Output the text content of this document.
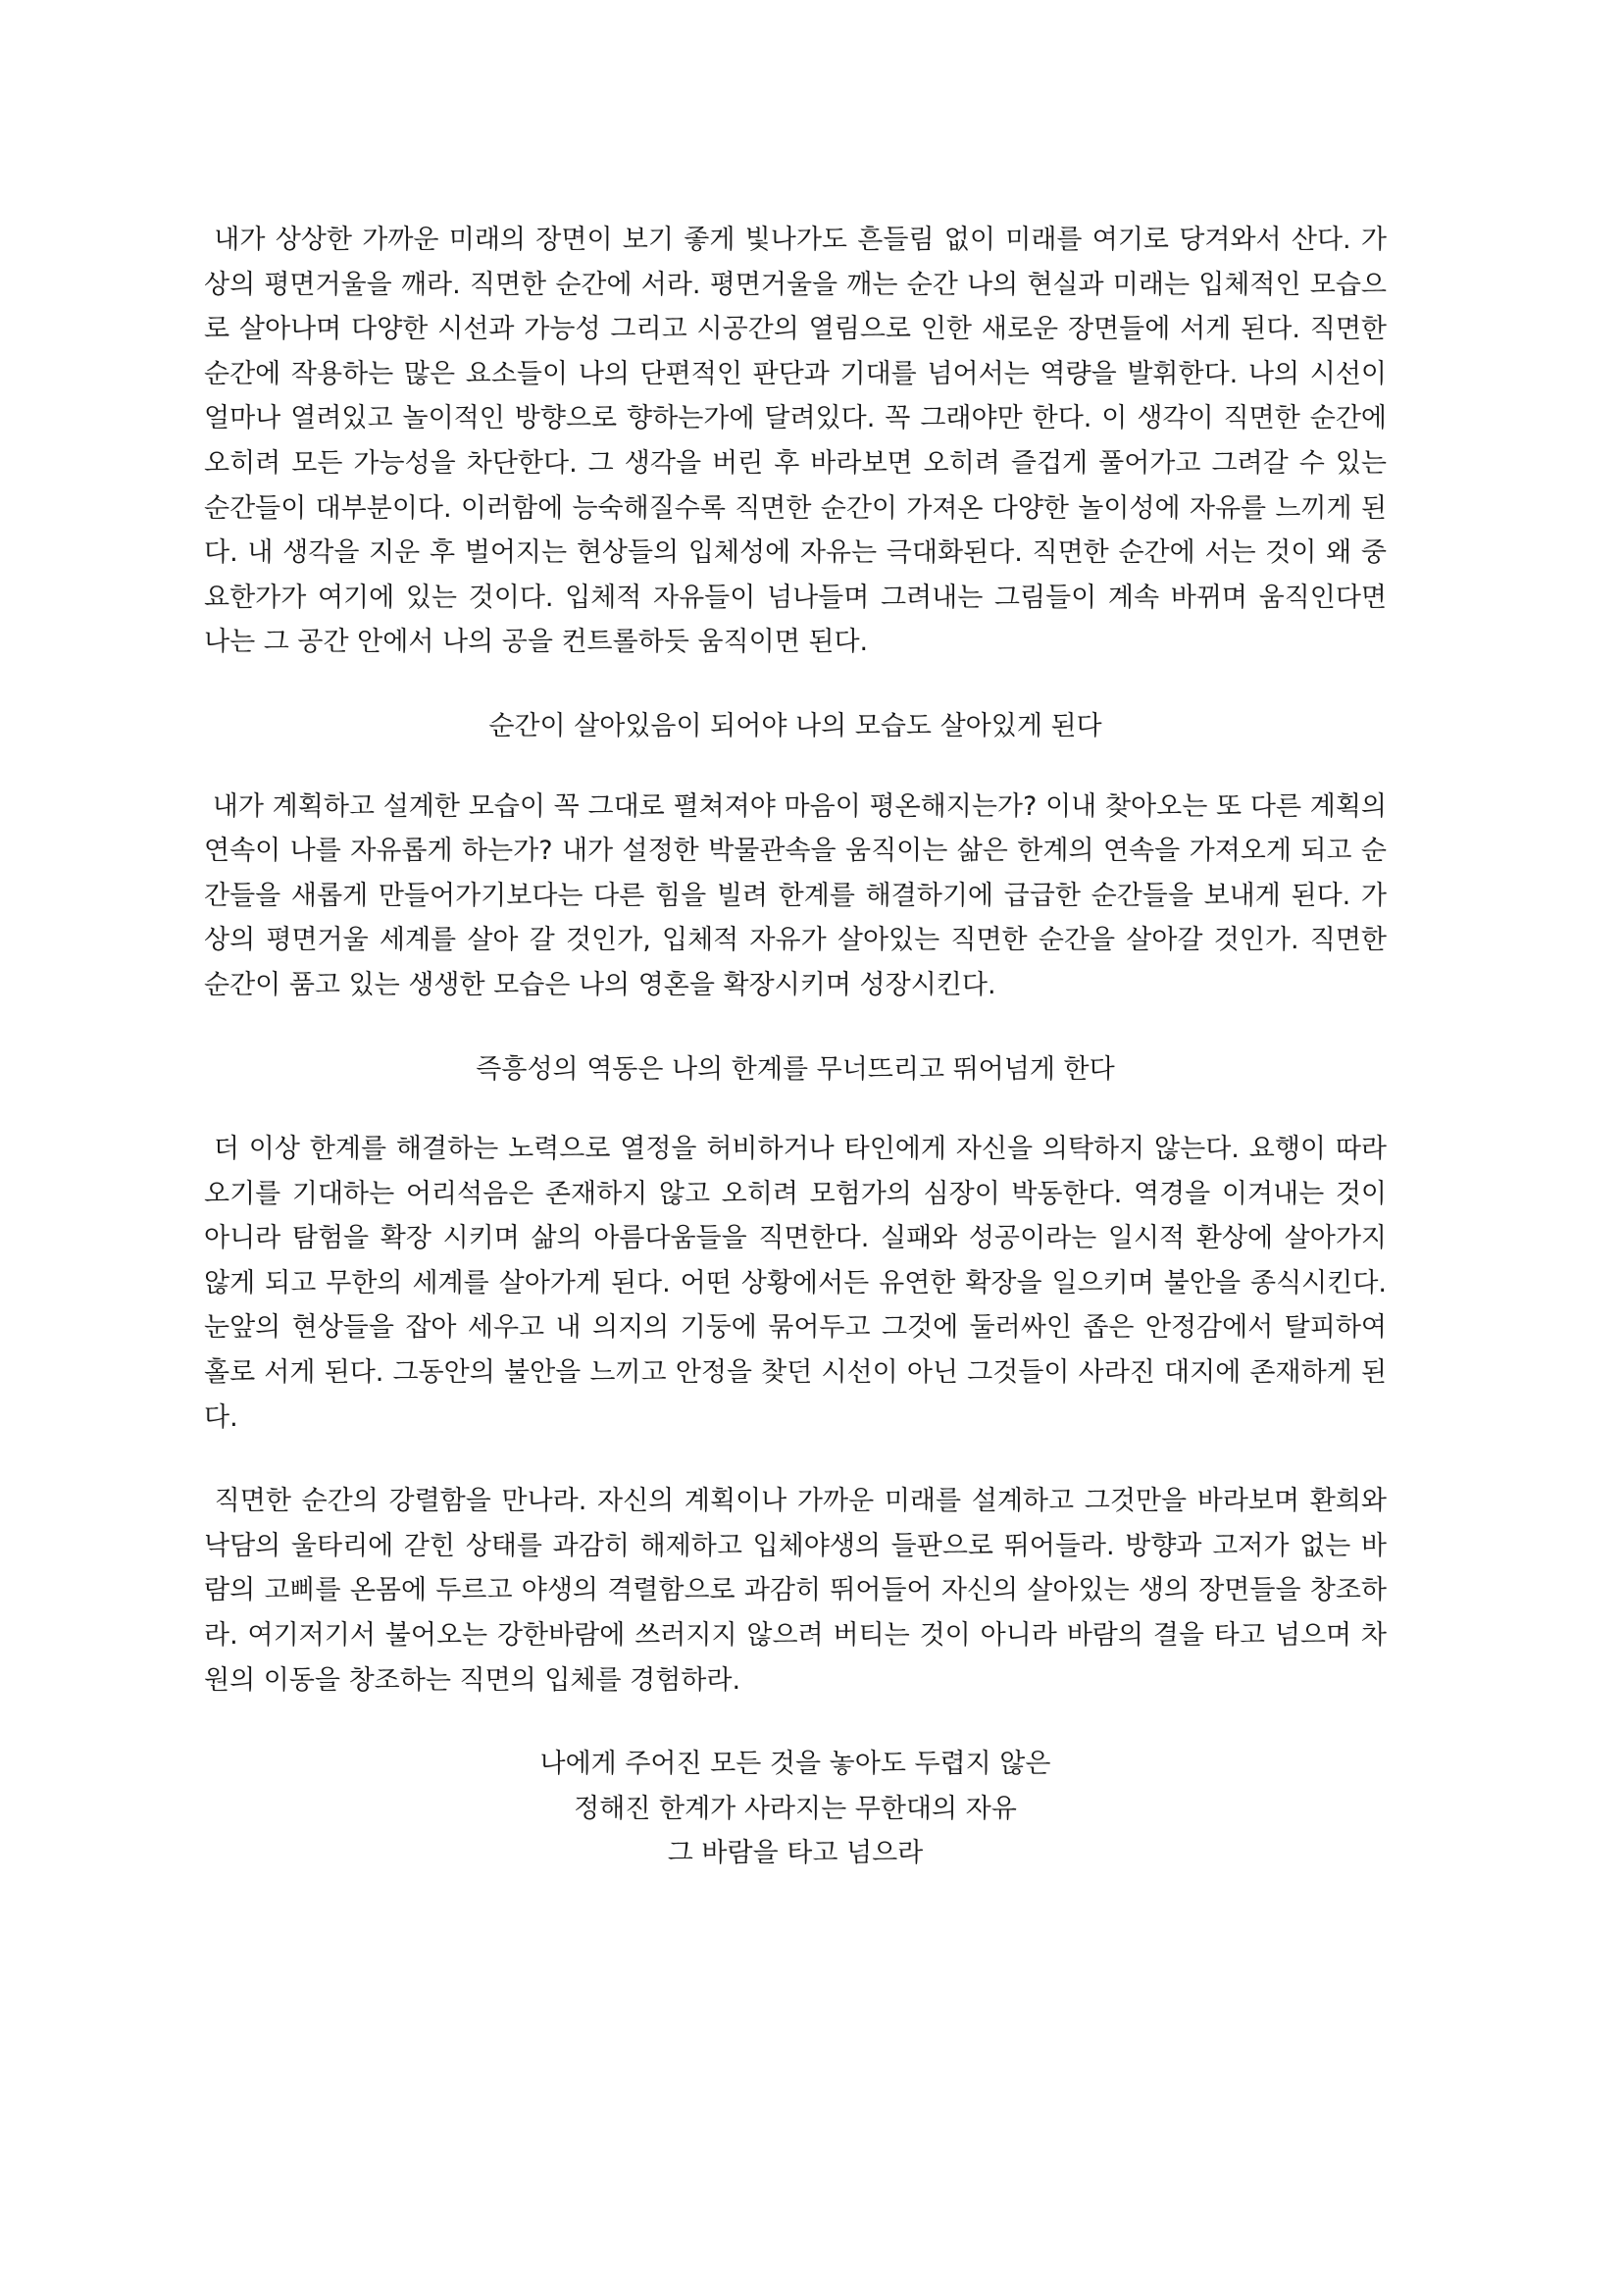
내가 상상한 가까운 미래의 장면이 보기 좋게 빛나가도 흔들림 없이 미래를 여기로 당겨와서 산다. 가상의 평면거울을 깨라. 직면한 순간에 서라. 평면거울을 깨는 순간 나의 현실과 미래는 입체적인 모습으로 살아나며 다양한 시선과 가능성 그리고 시공간의 열림으로 인한 새로운 장면들에 서게 된다. 직면한 순간에 작용하는 많은 요소들이 나의 단편적인 판단과 기대를 넘어서는 역량을 발휘한다. 나의 시선이 얼마나 열려있고 놀이적인 방향으로 향하는가에 달려있다. 꼭 그래야만 한다. 이 생각이 직면한 순간에 오히려 모든 가능성을 차단한다. 그 생각을 버린 후 바라보면 오히려 즐겁게 풀어가고 그려갈 수 있는 순간들이 대부분이다. 이러함에 능숙해질수록 직면한 순간이 가져온 다양한 놀이성에 자유를 느끼게 된다. 내 생각을 지운 후 벌어지는 현상들의 입체성에 자유는 극대화된다. 직면한 순간에 서는 것이 왜 중요한가가 여기에 있는 것이다. 입체적 자유들이 넘나들며 그려내는 그림들이 계속 바뀌며 움직인다면 나는 그 공간 안에서 나의 공을 컨트롤하듯 움직이면 된다.

순간이 살아있음이 되어야 나의 모습도 살아있게 된다

내가 계획하고 설계한 모습이 꼭 그대로 펼쳐져야 마음이 평온해지는가? 이내 찾아오는 또 다른 계획의 연속이 나를 자유롭게 하는가? 내가 설정한 박물관속을 움직이는 삶은 한계의 연속을 가져오게 되고 순간들을 새롭게 만들어가기보다는 다른 힘을 빌려 한계를 해결하기에 급급한 순간들을 보내게 된다. 가상의 평면거울 세계를 살아 갈 것인가, 입체적 자유가 살아있는 직면한 순간을 살아갈 것인가. 직면한 순간이 품고 있는 생생한 모습은 나의 영혼을 확장시키며 성장시킨다.

즉흥성의 역동은 나의 한계를 무너뜨리고 뛰어넘게 한다

더 이상 한계를 해결하는 노력으로 열정을 허비하거나 타인에게 자신을 의탁하지 않는다. 요행이 따라 오기를 기대하는 어리석음은 존재하지 않고 오히려 모험가의 심장이 박동한다. 역경을 이겨내는 것이 아니라 탐험을 확장 시키며 삶의 아름다움들을 직면한다. 실패와 성공이라는 일시적 환상에 살아가지 않게 되고 무한의 세계를 살아가게 된다. 어떤 상황에서든 유연한 확장을 일으키며 불안을 종식시킨다. 눈앞의 현상들을 잡아 세우고 내 의지의 기둥에 묶어두고 그것에 둘러싸인 좁은 안정감에서 탈피하여 홀로 서게 된다. 그동안의 불안을 느끼고 안정을 찾던 시선이 아닌 그것들이 사라진 대지에 존재하게 된다.

직면한 순간의 강렬함을 만나라. 자신의 계획이나 가까운 미래를 설계하고 그것만을 바라보며 환희와 낙담의 울타리에 갇힌 상태를 과감히 해제하고 입체야생의 들판으로 뛰어들라. 방향과 고저가 없는 바람의 고삐를 온몸에 두르고 야생의 격렬함으로 과감히 뛰어들어 자신의 살아있는 생의 장면들을 창조하라. 여기저기서 불어오는 강한바람에 쓰러지지 않으려 버티는 것이 아니라 바람의 결을 타고 넘으며 차원의 이동을 창조하는 직면의 입체를 경험하라.

나에게 주어진 모든 것을 놓아도 두렵지 않은
정해진 한계가 사라지는 무한대의 자유
그 바람을 타고 넘으라
